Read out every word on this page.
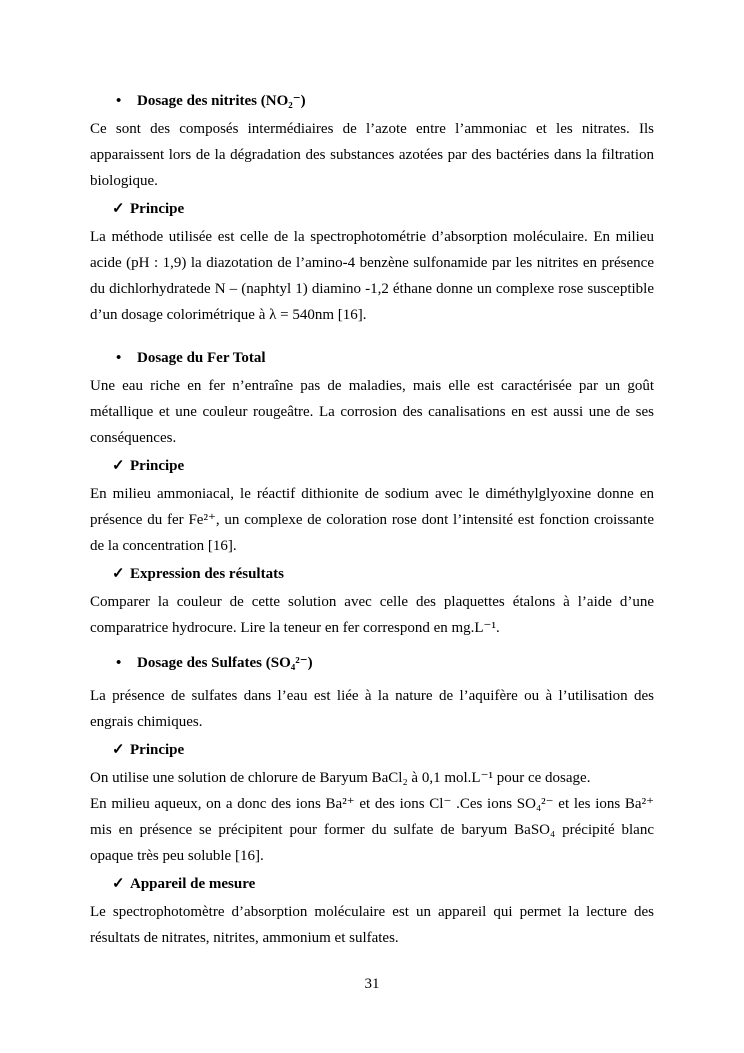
•	Dosage des nitrites (NO₂⁻)

Ce sont des composés intermédiaires de l’azote entre l’ammoniac et les nitrates. Ils apparaissent lors de la dégradation des substances azotées par des bactéries dans la filtration biologique.

✓ Principe

La méthode utilisée est celle de la spectrophotométrie d’absorption moléculaire. En milieu acide (pH : 1,9) la diazotation de l’amino-4 benzène sulfonamide par les nitrites en présence du dichlorhydratede N – (naphtyl 1) diamino -1,2 éthane donne un complexe rose susceptible d’un dosage colorimétrique à λ = 540nm [16].

•	Dosage du Fer Total

Une eau riche en fer n’entraîne pas de maladies, mais elle est caractérisée par un goût métallique et une couleur rougeâtre. La corrosion des canalisations en est aussi une de ses conséquences.

✓ Principe

En milieu ammoniacal, le réactif dithionite de sodium avec le diméthylglyoxine donne en présence du fer Fe²⁺, un complexe de coloration rose dont l’intensité est fonction croissante de la concentration [16].

✓ Expression des résultats

Comparer la couleur de cette solution avec celle des plaquettes étalons à l’aide d’une comparatrice hydrocure. Lire la teneur en fer correspond en mg.L⁻¹.

•	Dosage des Sulfates (SO₄²⁻)

La présence de sulfates dans l’eau est liée à la nature de l’aquifère ou à l’utilisation des engrais chimiques.

✓ Principe

On utilise une solution de chlorure de Baryum BaCl₂ à 0,1 mol.L⁻¹ pour ce dosage.

En milieu aqueux, on a donc des ions Ba²⁺ et des ions Cl⁻ .Ces ions SO₄²⁻ et les ions Ba²⁺ mis en présence se précipitent pour former du sulfate de baryum BaSO₄ précipité blanc opaque très peu soluble [16].

✓ Appareil de mesure

Le spectrophotomètre d’absorption moléculaire est un appareil qui permet la lecture des résultats de nitrates, nitrites, ammonium et sulfates.

31
